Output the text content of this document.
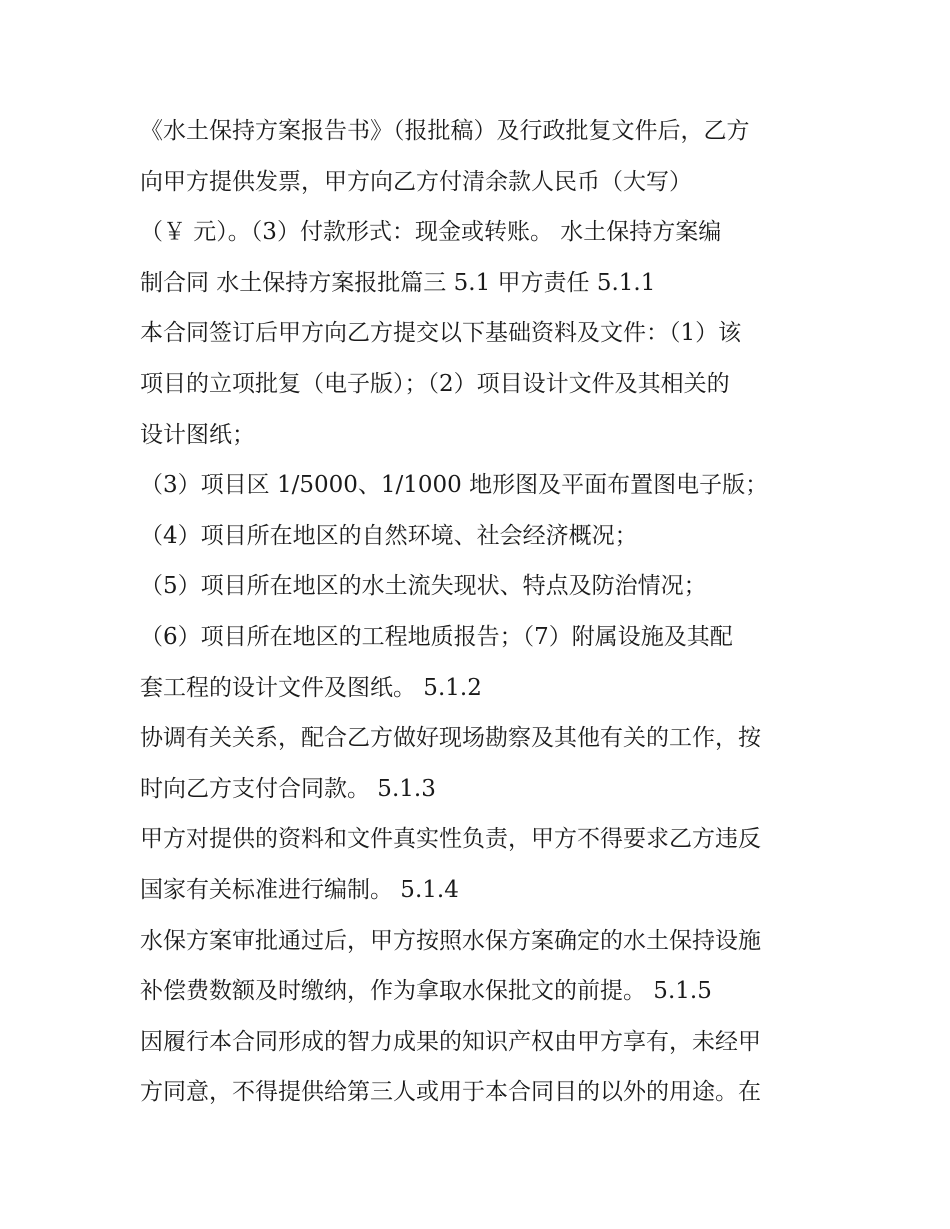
《水土保持方案报告书》（报批稿）及行政批复文件后，乙方
向甲方提供发票，甲方向乙方付清余款人民币（大写）
（￥ 元）。（3）付款形式：现金或转账。 水土保持方案编
制合同 水土保持方案报批篇三 5.1 甲方责任 5.1.1
本合同签订后甲方向乙方提交以下基础资料及文件：（1）该
项目的立项批复（电子版）；（2）项目设计文件及其相关的
设计图纸；
（3）项目区 1/5000、1/1000 地形图及平面布置图电子版；
（4）项目所在地区的自然环境、社会经济概况；
（5）项目所在地区的水土流失现状、特点及防治情况；
（6）项目所在地区的工程地质报告；（7）附属设施及其配
套工程的设计文件及图纸。 5.1.2
协调有关关系，配合乙方做好现场勘察及其他有关的工作，按
时向乙方支付合同款。 5.1.3
甲方对提供的资料和文件真实性负责，甲方不得要求乙方违反
国家有关标准进行编制。 5.1.4
水保方案审批通过后，甲方按照水保方案确定的水土保持设施
补偿费数额及时缴纳，作为拿取水保批文的前提。 5.1.5
因履行本合同形成的智力成果的知识产权由甲方享有，未经甲
方同意，不得提供给第三人或用于本合同目的以外的用途。在
